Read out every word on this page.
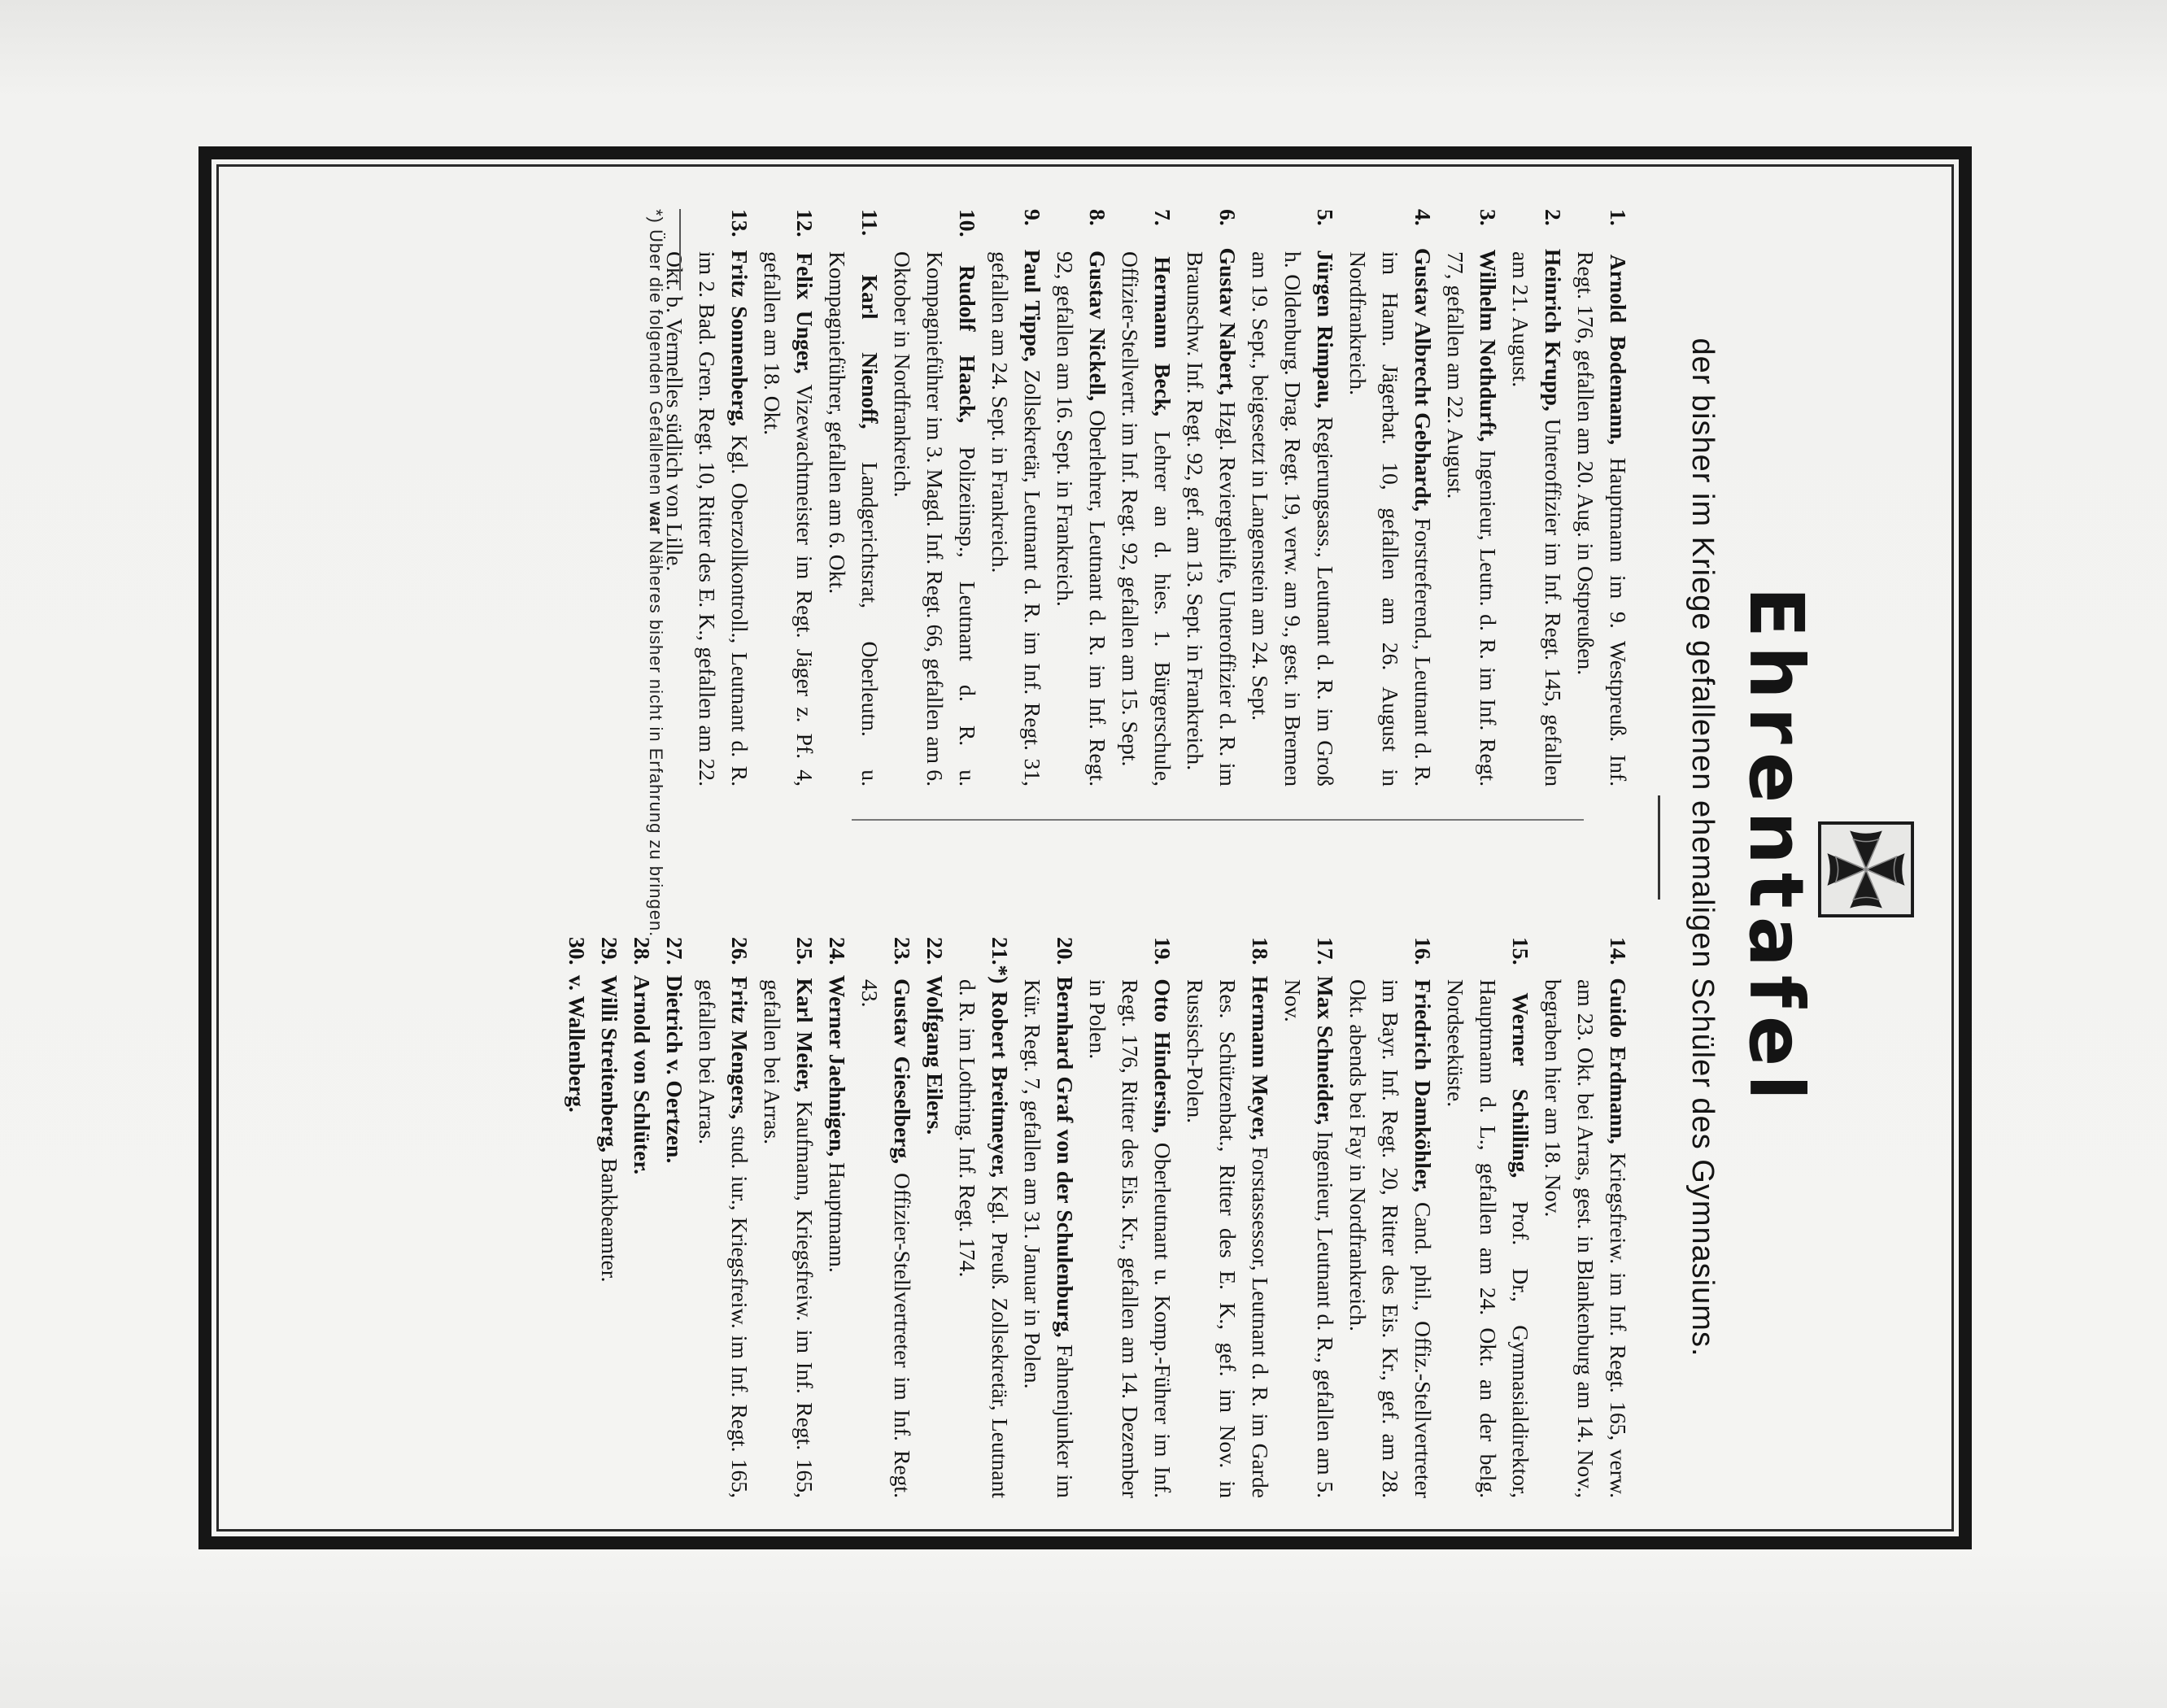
Ehrentafel
der bisher im Kriege gefallenen ehemaligen Schüler des Gymnasiums.

1. Arnold Bodemann, Hauptmann im 9. Westpreuß. Inf. Regt. 176, gefallen am 20. Aug. in Ostpreußen.

2. Heinrich Krupp, Unteroffizier im Inf. Regt. 145, gefallen am 21. August.

3. Wilhelm Nothdurft, Ingenieur, Leutn. d. R. im Inf. Regt. 77, gefallen am 22. August.

4. Gustav Albrecht Gebhardt, Forstreferend., Leutnant d. R. im Hann. Jägerbat. 10, gefallen am 26. August in Nordfrankreich.

5. Jürgen Rimpau, Regierungsass., Leutnant d. R. im Groß h. Oldenburg. Drag. Regt. 19, verw. am 9., gest. in Bremen am 19. Sept., beigesetzt in Langenstein am 24. Sept.

6. Gustav Nabert, Hzgl. Reviergehilfe, Unteroffizier d. R. im Braunschw. Inf. Regt. 92, gef. am 13. Sept. in Frankreich.

7. Hermann Beck, Lehrer an d. hies. 1. Bürgerschule, Offizier-Stellvertr. im Inf. Regt. 92, gefallen am 15. Sept.

8. Gustav Nickell, Oberlehrer, Leutnant d. R. im Inf. Regt. 92, gefallen am 16. Sept. in Frankreich.

9. Paul Tippe, Zollsekretär, Leutnant d. R. im Inf. Regt. 31, gefallen am 24. Sept. in Frankreich.

10. Rudolf Haack, Polizeiinsp., Leutnant d. R. u. Kompagnieführer im 3. Magd. Inf. Regt. 66, gefallen am 6. Oktober in Nordfrankreich.

11. Karl Nienoff, Landgerichtsrat, Oberleutn. u. Kompagnieführer, gefallen am 6. Okt.

12. Felix Unger, Vizewachtmeister im Regt. Jäger z. Pf. 4, gefallen am 18. Okt.

13. Fritz Sonnenberg, Kgl. Oberzollkontroll., Leutnant d. R. im 2. Bad. Gren. Regt. 10, Ritter des E. K., gefallen am 22. Okt. b. Vermelles südlich von Lille.

14. Guido Erdmann, Kriegsfreiw. im Inf. Regt. 165, verw. am 23. Okt. bei Arras, gest. in Blankenburg am 14. Nov., begraben hier am 18. Nov.

15. Werner Schilling, Prof. Dr., Gymnasialdirektor, Hauptmann d. L., gefallen am 24. Okt. an der belg. Nordseeküste.

16. Friedrich Damköhler, Cand. phil., Offiz.-Stellvertreter im Bayr. Inf. Regt. 20, Ritter des Eis. Kr., gef. am 28. Okt. abends bei Fay in Nordfrankreich.

17. Max Schneider, Ingenieur, Leutnant d. R., gefallen am 5. Nov.

18. Hermann Meyer, Forstassessor, Leutnant d. R. im Garde Res. Schützenbat., Ritter des E. K., gef. im Nov. in Russisch-Polen.

19. Otto Hindersin, Oberleutnant u. Komp.-Führer im Inf. Regt. 176, Ritter des Eis. Kr., gefallen am 14. Dezember in Polen.

20. Bernhard Graf von der Schulenburg, Fahnenjunker im Kür. Regt. 7, gefallen am 31. Januar in Polen.

21.*) Robert Breitmeyer, Kgl. Preuß. Zollsekretär, Leutnant d. R. im Lothring. Inf. Regt. 174.

22. Wolfgang Eilers.

23. Gustav Gieselberg, Offizier-Stellvertreter im Inf. Regt. 43.

24. Werner Jaehnigen, Hauptmann.

25. Karl Meier, Kaufmann, Kriegsfreiw. im Inf. Regt. 165, gefallen bei Arras.

26. Fritz Mengers, stud. iur., Kriegsfreiw. im Inf. Regt. 165, gefallen bei Arras.

27. Dietrich v. Oertzen.

28. Arnold von Schlüter.

29. Willi Streitenberg, Bankbeamter.

30. v. Wallenberg.

*) Über die folgenden Gefallenen war Näheres bisher nicht in Erfahrung zu bringen.
